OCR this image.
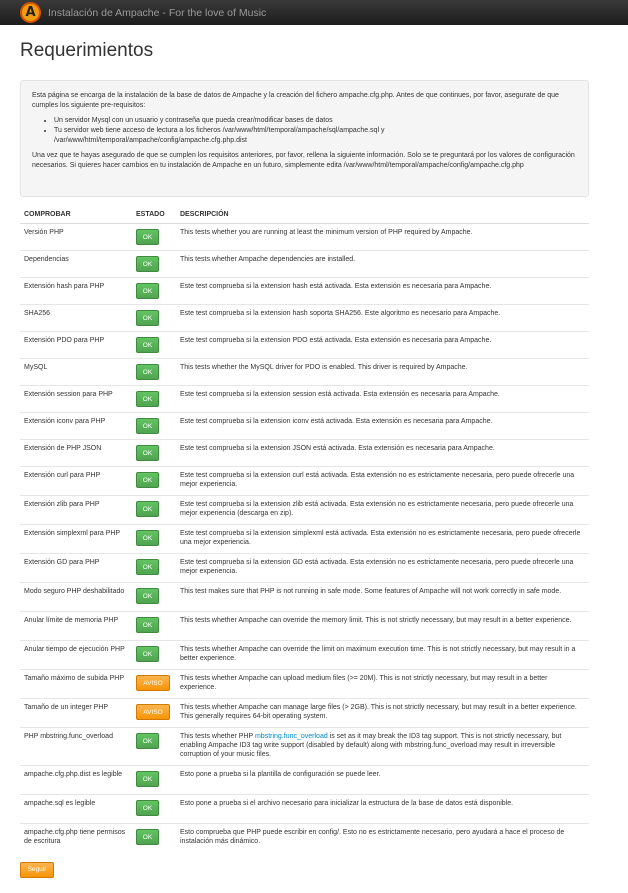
A	Instalación de Ampache - For the love of Music
Requerimientos

Esta página se encarga de la instalación de la base de datos de Ampache y la creación del fichero ampache.cfg.php. Antes de que continues, por favor, asegurate de que cumples los siguiente pre-requisitos:

• Un servidor Mysql con un usuario y contraseña que pueda crear/modificar bases de datos
• Tu servidor web tiene acceso de lectura a los ficheros /var/www/html/temporal/ampache/sql/ampache.sql y /var/www/html/temporal/ampache/config/ampache.cfg.php.dist

Una vez que te hayas asegurado de que se cumplen los requisitos anteriores, por favor, rellena la siguiente información. Solo se te preguntará por los valores de configuración necesarios. Si quieres hacer cambios en tu instalación de Ampache en un futuro, simplemente edita /var/www/html/temporal/ampache/config/ampache.cfg.php

COMPROBAR	ESTADO	DESCRIPCIÓN
Versión PHP	OK	This tests whether you are running at least the minimum version of PHP required by Ampache.
Dependencias	OK	This tests whether Ampache dependencies are installed.
Extensión hash para PHP	OK	Este test comprueba si la extension hash está activada. Esta extensión es necesaria para Ampache.
SHA256	OK	Este test comprueba si la extension hash soporta SHA256. Este algoritmo es necesario para Ampache.
Extensión PDO para PHP	OK	Este test comprueba si la extension PDO está activada. Esta extensión es necesaria para Ampache.
MySQL	OK	This tests whether the MySQL driver for PDO is enabled. This driver is required by Ampache.
Extensión session para PHP	OK	Este test comprueba si la extension session está activada. Esta extensión es necesaria para Ampache.
Extensión iconv para PHP	OK	Este test comprueba si la extension iconv está activada. Esta extensión es necesaria para Ampache.
Extensión de PHP JSON	OK	Este test comprueba si la extension JSON está activada. Esta extensión es necesaria para Ampache.
Extensión curl para PHP	OK	Este test comprueba si la extension curl está activada. Esta extensión no es estrictamente necesaria, pero puede ofrecerle una mejor experiencia.
Extensión zlib para PHP	OK	Este test comprueba si la extension zlib está activada. Esta extensión no es estrictamente necesaria, pero puede ofrecerle una mejor experiencia (descarga en zip).
Extensión simplexml para PHP	OK	Este test comprueba si la extension simplexml está activada. Esta extensión no es estrictamente necesaria, pero puede ofrecerle una mejor experiencia.
Extensión GD para PHP	OK	Este test comprueba si la extension GD está activada. Esta extensión no es estrictamente necesaria, pero puede ofrecerle una mejor experiencia.
Modo seguro PHP deshabilitado	OK	This test makes sure that PHP is not running in safe mode. Some features of Ampache will not work correctly in safe mode.
Anular límite de memoria PHP	OK	This tests whether Ampache can override the memory limit. This is not strictly necessary, but may result in a better experience.
Anular tiempo de ejecución PHP	OK	This tests whether Ampache can override the limit on maximum execution time. This is not strictly necessary, but may result in a better experience.
Tamaño máximo de subida PHP	AVISO	This tests whether Ampache can upload medium files (>= 20M). This is not strictly necessary, but may result in a better experience.
Tamaño de un integer PHP	AVISO	This tests whether Ampache can manage large files (> 2GB). This is not strictly necessary, but may result in a better experience. This generally requires 64-bit operating system.
PHP mbstring.func_overload	OK	This tests whether PHP mbstring.func_overload is set as it may break the ID3 tag support. This is not strictly necessary, but enabling Ampache ID3 tag write support (disabled by default) along with mbstring.func_overload may result in irreversible corruption of your music files.
ampache.cfg.php.dist es legible	OK	Esto pone a prueba si la plantilla de configuración se puede leer.
ampache.sql es legible	OK	Esto pone a prueba si el archivo necesario para inicializar la estructura de la base de datos está disponible.
ampache.cfg.php tiene permisos de escritura	OK	Esto comprueba que PHP puede escribir en config/. Esto no es estrictamente necesario, pero ayudará a hace el proceso de instalación más dinámico.
Seguir
